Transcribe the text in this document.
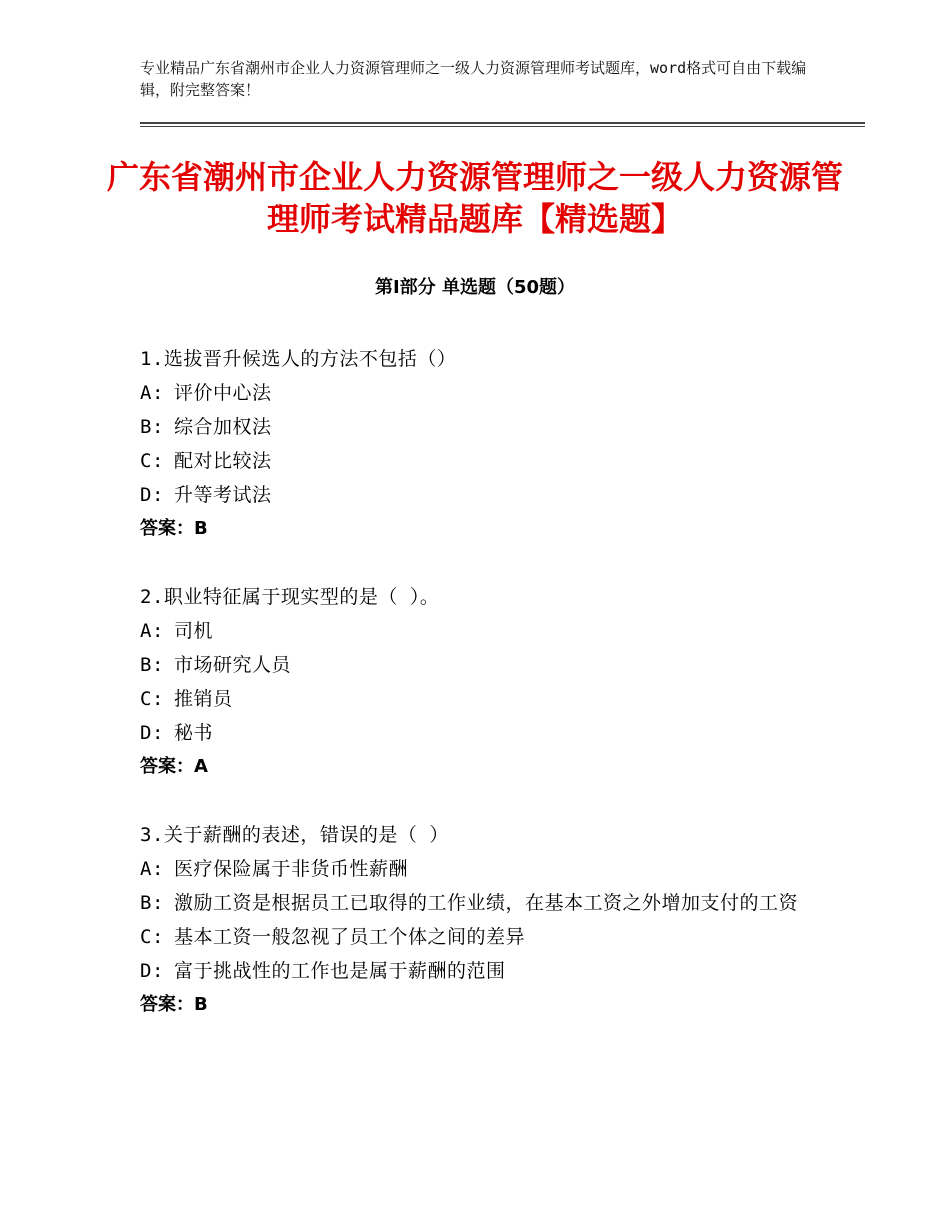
专业精品广东省潮州市企业人力资源管理师之一级人力资源管理师考试题库，word格式可自由下载编辑，附完整答案！
广东省潮州市企业人力资源管理师之一级人力资源管理师考试精品题库【精选题】
第Ⅰ部分 单选题（50题）
1.选拔晋升候选人的方法不包括（）
A: 评价中心法
B: 综合加权法
C: 配对比较法
D: 升等考试法
答案：B
2.职业特征属于现实型的是（ ）。
A: 司机
B: 市场研究人员
C: 推销员
D: 秘书
答案：A
3.关于薪酬的表述，错误的是（ ）
A: 医疗保险属于非货币性薪酬
B: 激励工资是根据员工已取得的工作业绩，在基本工资之外增加支付的工资
C: 基本工资一般忽视了员工个体之间的差异
D: 富于挑战性的工作也是属于薪酬的范围
答案：B
